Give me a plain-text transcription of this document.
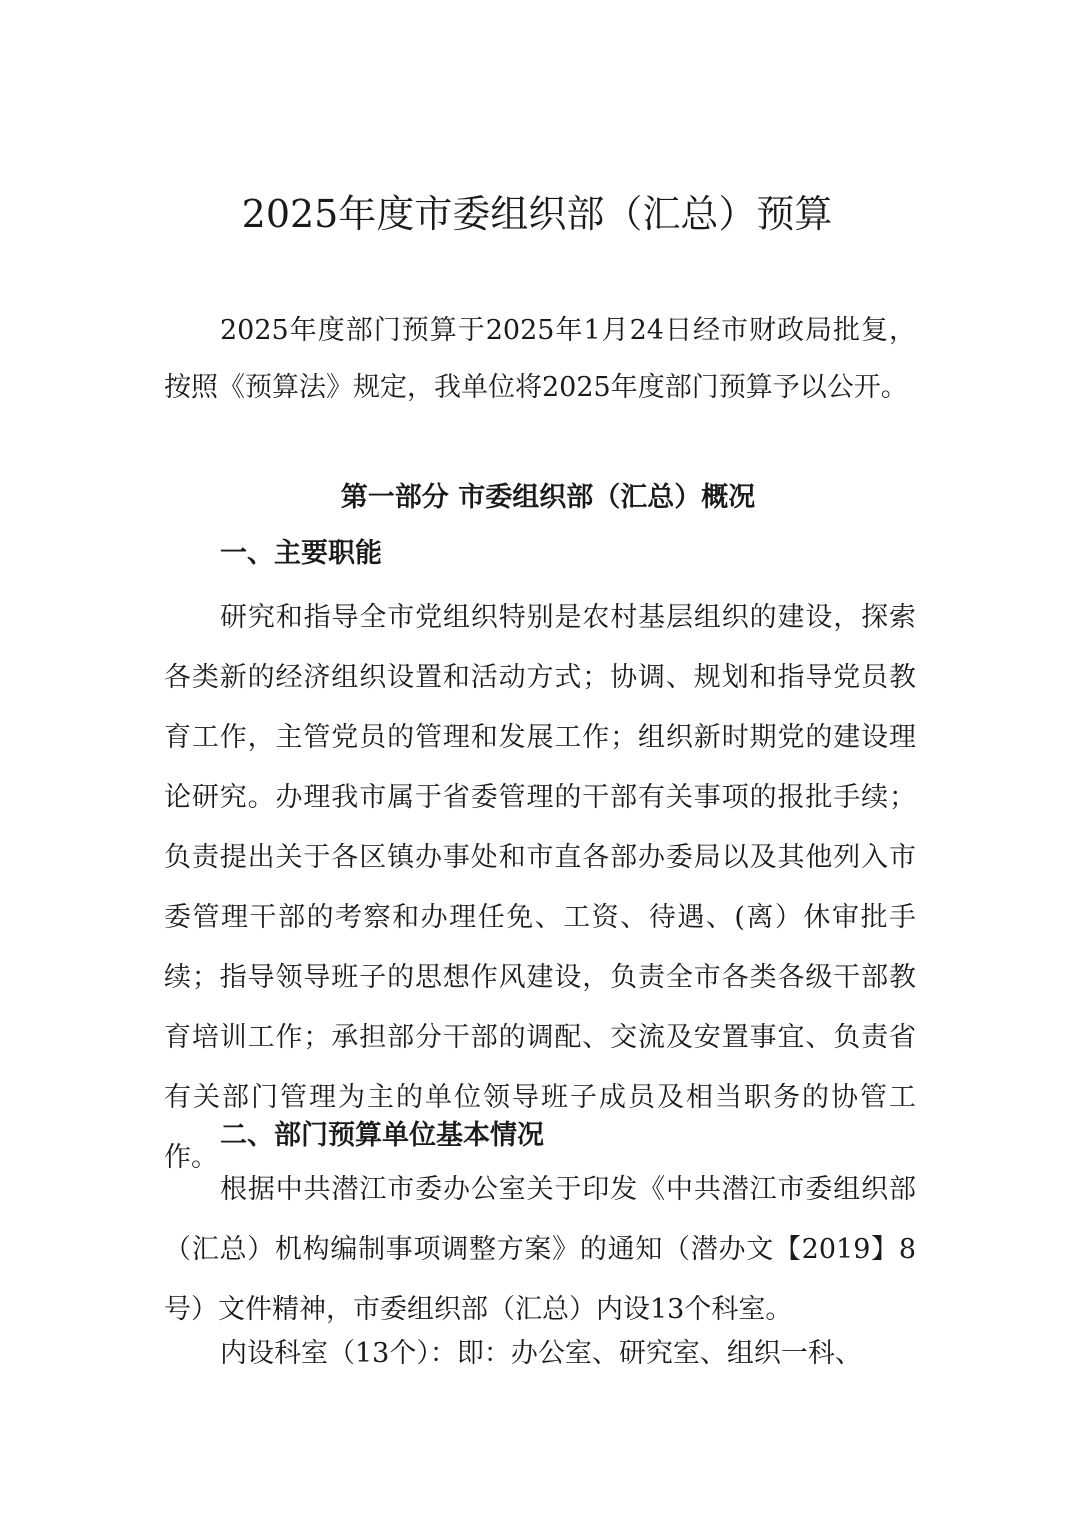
2025年度市委组织部（汇总）预算
2025年度部门预算于2025年1月24日经市财政局批复，按照《预算法》规定，我单位将2025年度部门预算予以公开。
第一部分 市委组织部（汇总）概况
一、主要职能
研究和指导全市党组织特别是农村基层组织的建设，探索各类新的经济组织设置和活动方式；协调、规划和指导党员教育工作，主管党员的管理和发展工作；组织新时期党的建设理论研究。办理我市属于省委管理的干部有关事项的报批手续；负责提出关于各区镇办事处和市直各部办委局以及其他列入市委管理干部的考察和办理任免、工资、待遇、(离）休审批手续；指导领导班子的思想作风建设，负责全市各类各级干部教育培训工作；承担部分干部的调配、交流及安置事宜、负责省有关部门管理为主的单位领导班子成员及相当职务的协管工作。
二、部门预算单位基本情况
根据中共潜江市委办公室关于印发《中共潜江市委组织部（汇总）机构编制事项调整方案》的通知（潜办文【2019】8号）文件精神，市委组织部（汇总）内设13个科室。
内设科室（13个）：即：办公室、研究室、组织一科、
